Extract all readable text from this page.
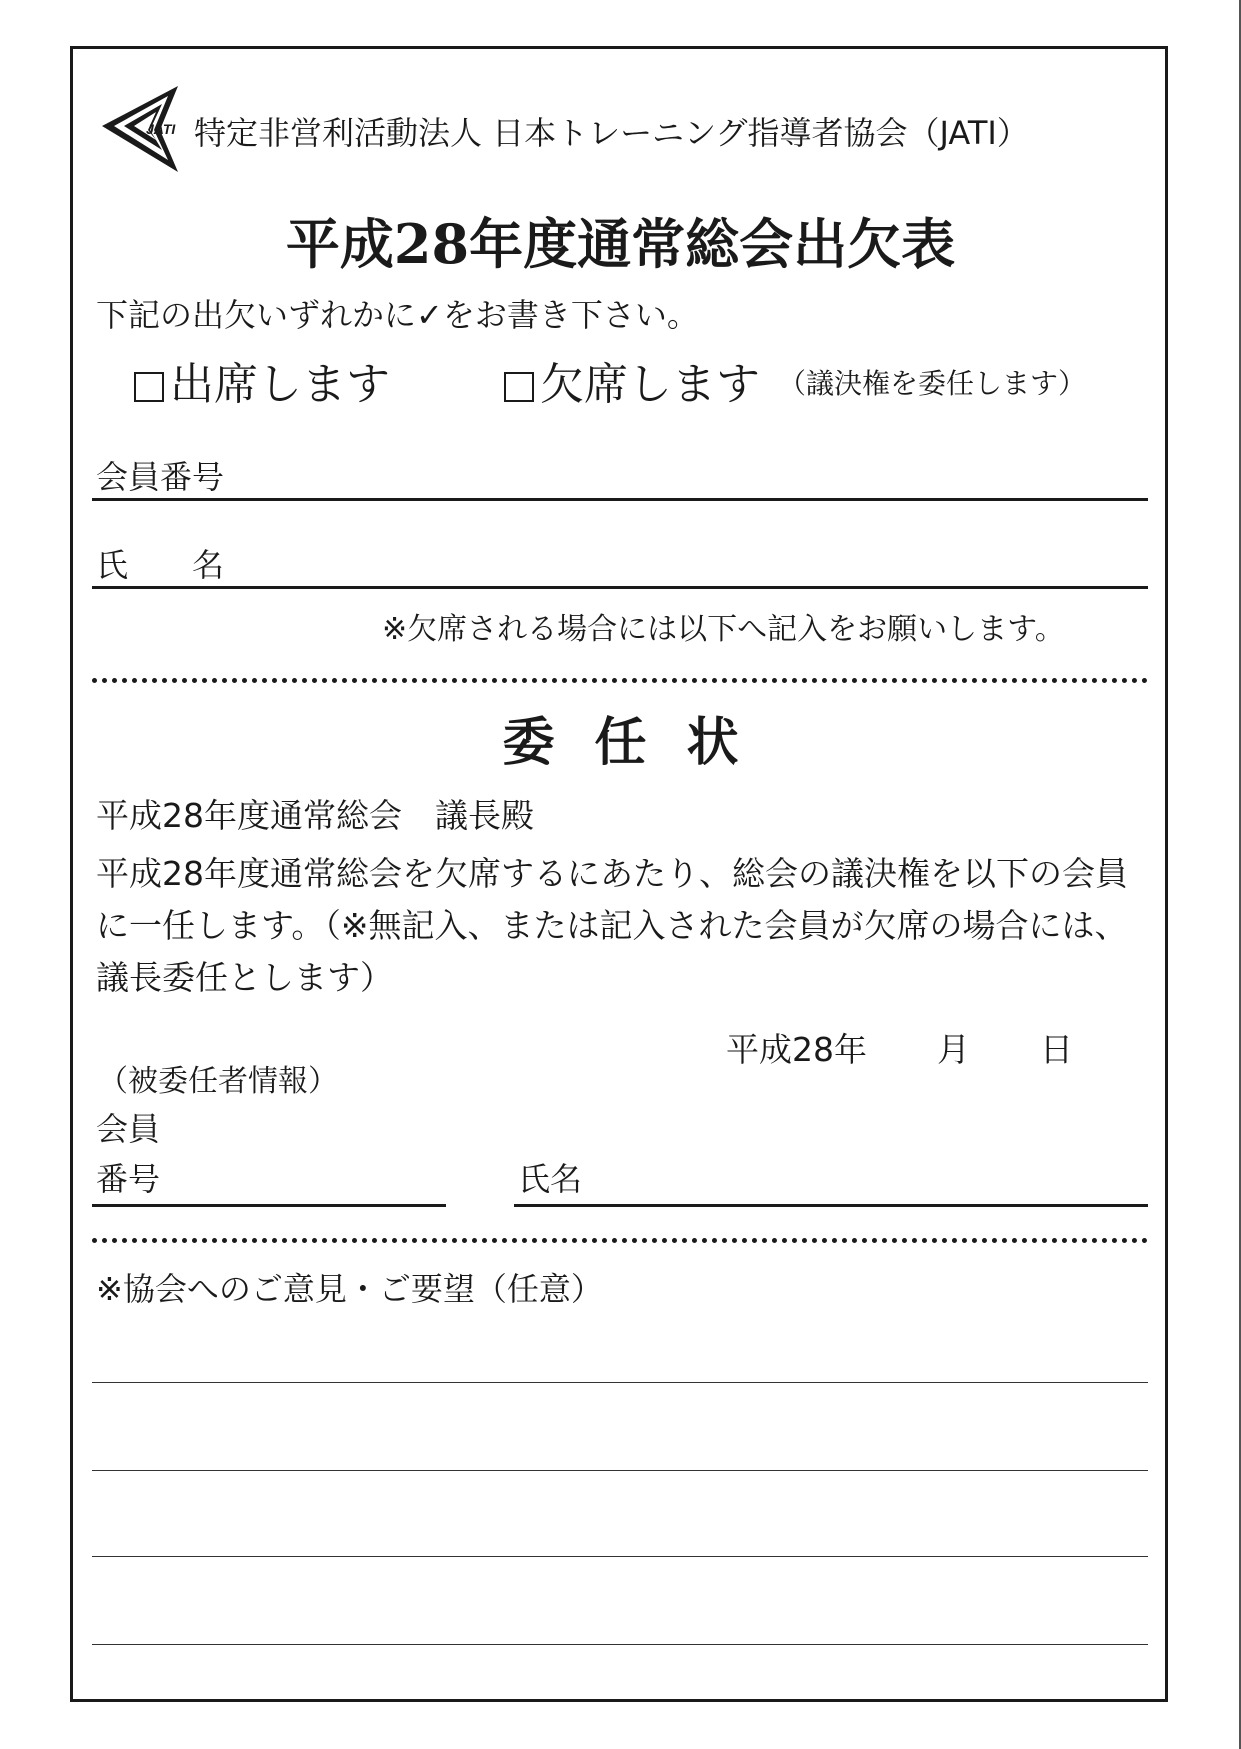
JATI 特定非営利活動法人 日本トレーニング指導者協会（JATI）
平成28年度通常総会出欠表
下記の出欠いずれかに✓をお書き下さい。
出席します	欠席します （議決権を委任します）
会員番号
氏　　名
※欠席される場合には以下へ記入をお願いします。
委任状
平成28年度通常総会　議長殿
平成28年度通常総会を欠席するにあたり、総会の議決権を以下の会員に一任します。（※無記入、または記入された会員が欠席の場合には、議長委任とします）
平成28年 月 日
（被委任者情報）
会員
番号	氏名
※協会へのご意見・ご要望（任意）
